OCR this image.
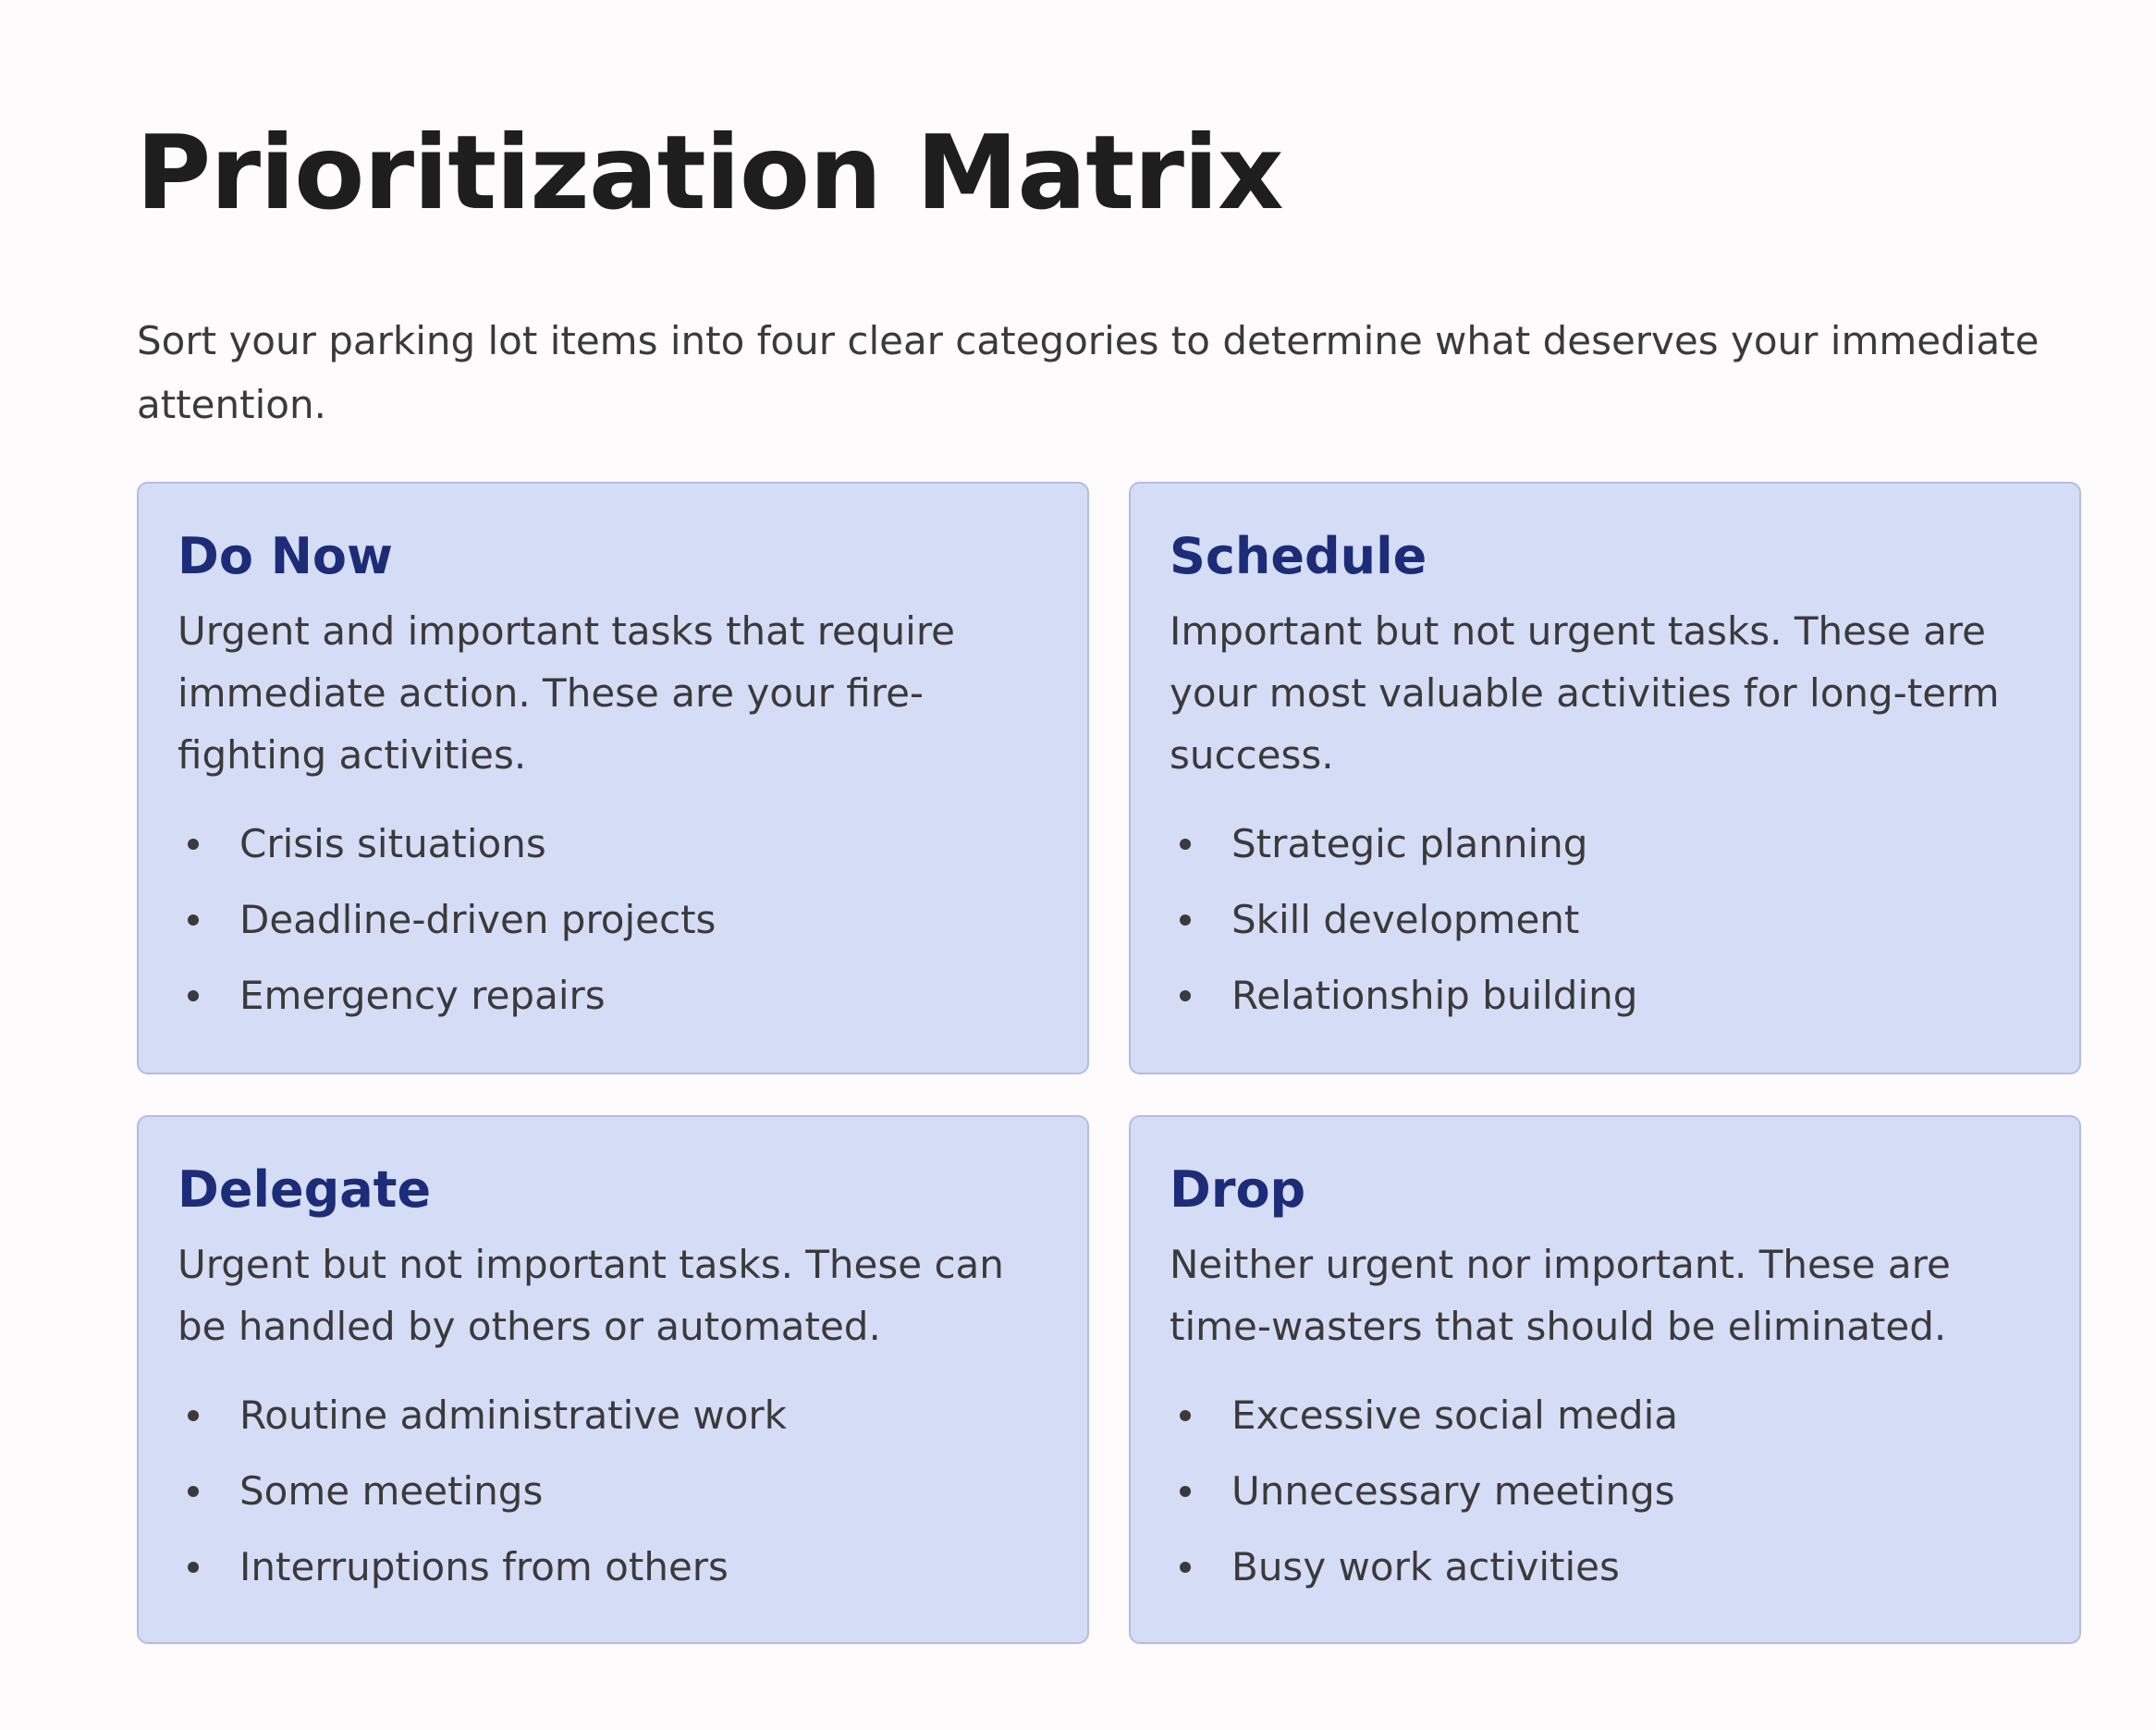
Prioritization Matrix

Sort your parking lot items into four clear categories to determine what deserves your immediate attention.

Do Now

Urgent and important tasks that require immediate action. These are your fire-fighting activities.

Crisis situations
Deadline-driven projects
Emergency repairs
Schedule

Important but not urgent tasks. These are your most valuable activities for long-term success.

Strategic planning
Skill development
Relationship building
Delegate

Urgent but not important tasks. These can be handled by others or automated.

Routine administrative work
Some meetings
Interruptions from others
Drop

Neither urgent nor important. These are time-wasters that should be eliminated.

Excessive social media
Unnecessary meetings
Busy work activities
